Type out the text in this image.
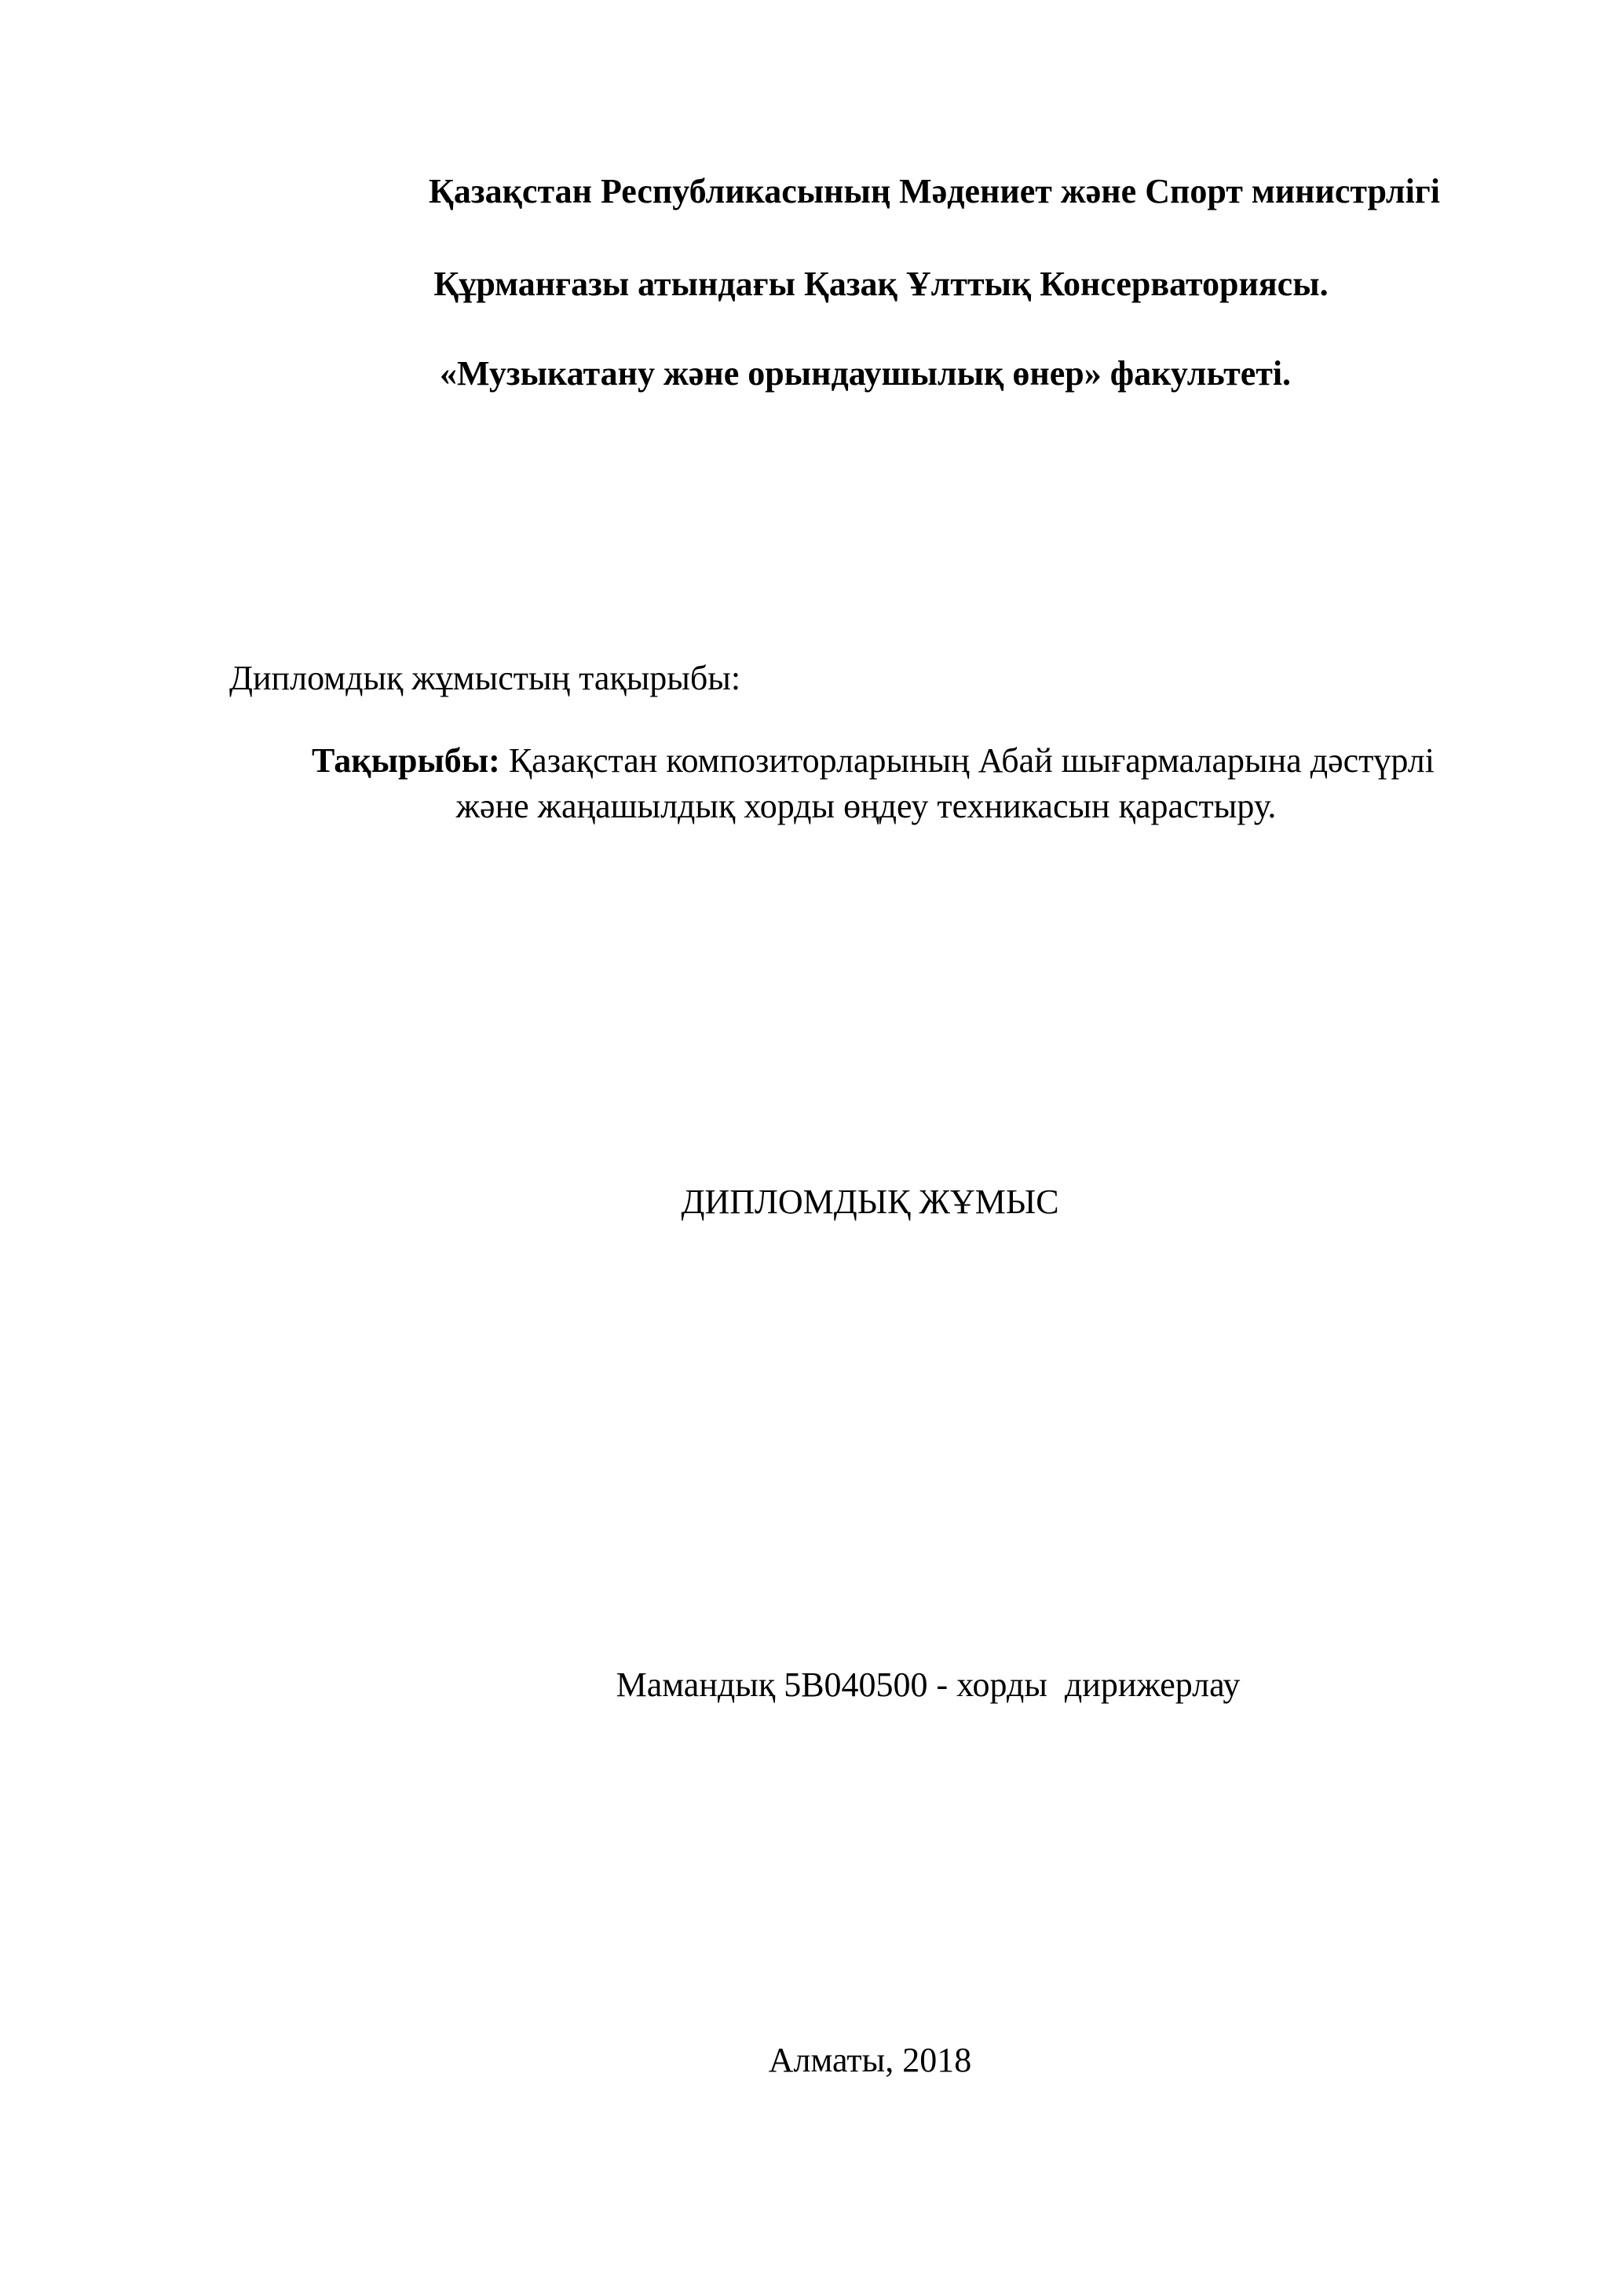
Қазақстан Республикасының Мәдениет және Спорт министрлігі
Құрманғазы атындағы Қазақ Ұлттық Консерваториясы.
«Музыкатану және орындаушылық өнер» факультеті.
Дипломдық жұмыстың тақырыбы:
Тақырыбы: Қазақстан композиторларының Абай шығармаларына дәстүрлі
және жаңашылдық хорды өңдеу техникасын қарастыру.
ДИПЛОМДЫҚ ЖҰМЫС
Мамандық 5В040500 - хорды  дирижерлау
Алматы, 2018
